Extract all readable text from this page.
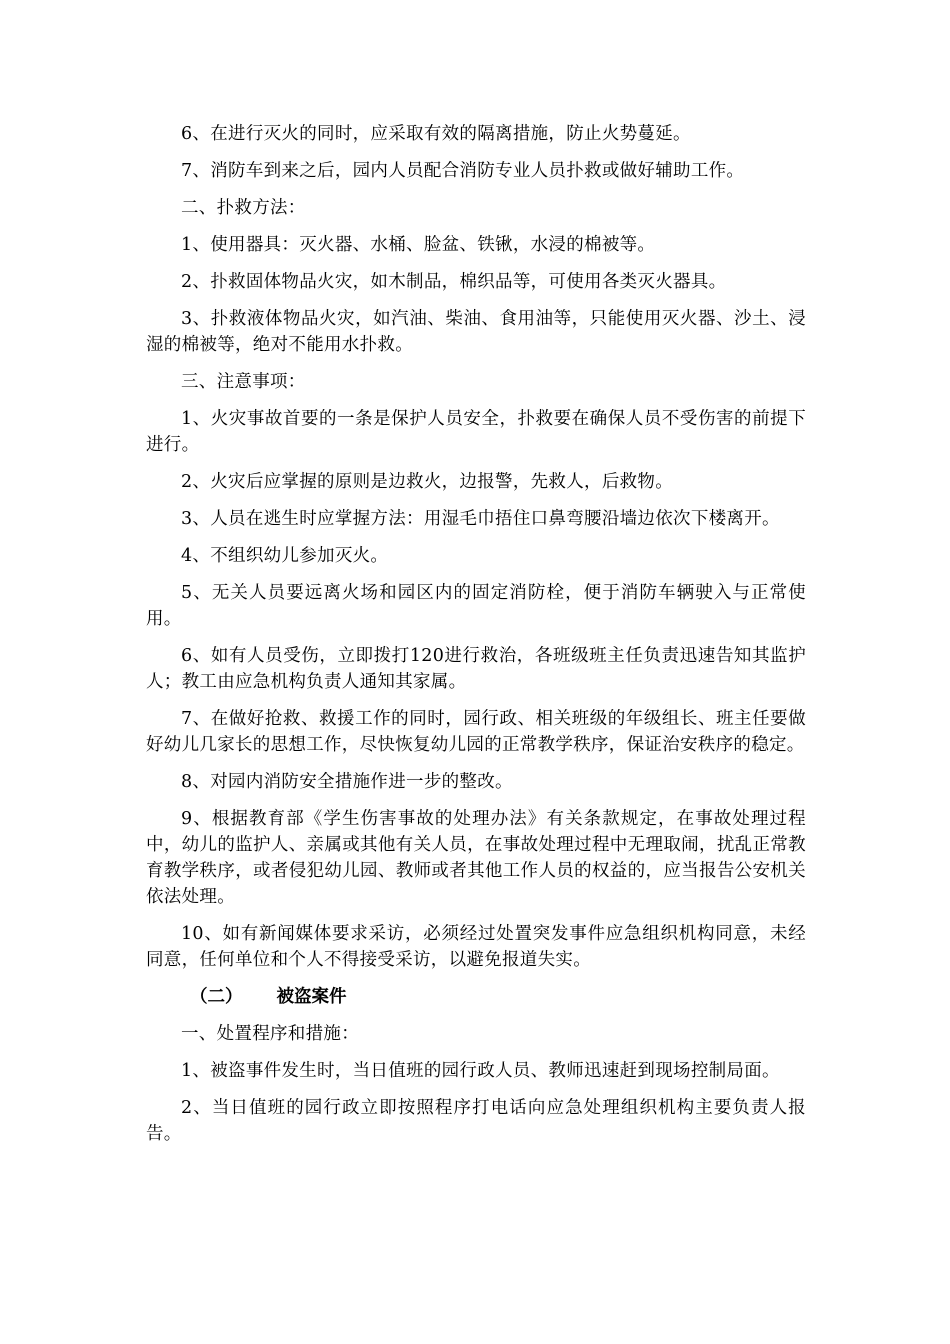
6、在进行灭火的同时，应采取有效的隔离措施，防止火势蔓延。

7、消防车到来之后，园内人员配合消防专业人员扑救或做好辅助工作。

二、扑救方法：

1、使用器具：灭火器、水桶、脸盆、铁锹，水浸的棉被等。

2、扑救固体物品火灾，如木制品，棉织品等，可使用各类灭火器具。

3、扑救液体物品火灾，如汽油、柴油、食用油等，只能使用灭火器、沙土、浸湿的棉被等，绝对不能用水扑救。

三、注意事项：

1、火灾事故首要的一条是保护人员安全，扑救要在确保人员不受伤害的前提下进行。

2、火灾后应掌握的原则是边救火，边报警，先救人，后救物。

3、人员在逃生时应掌握方法：用湿毛巾捂住口鼻弯腰沿墙边依次下楼离开。

4、不组织幼儿参加灭火。

5、无关人员要远离火场和园区内的固定消防栓，便于消防车辆驶入与正常使用。

6、如有人员受伤，立即拨打120进行救治，各班级班主任负责迅速告知其监护人；教工由应急机构负责人通知其家属。

7、在做好抢救、救援工作的同时，园行政、相关班级的年级组长、班主任要做好幼儿几家长的思想工作，尽快恢复幼儿园的正常教学秩序，保证治安秩序的稳定。

8、对园内消防安全措施作进一步的整改。

9、根据教育部《学生伤害事故的处理办法》有关条款规定，在事故处理过程中，幼儿的监护人、亲属或其他有关人员，在事故处理过程中无理取闹，扰乱正常教育教学秩序，或者侵犯幼儿园、教师或者其他工作人员的权益的，应当报告公安机关依法处理。

10、如有新闻媒体要求采访，必须经过处置突发事件应急组织机构同意，未经同意，任何单位和个人不得接受采访，以避免报道失实。

（二） 被盗案件

一、处置程序和措施：

1、被盗事件发生时，当日值班的园行政人员、教师迅速赶到现场控制局面。

2、当日值班的园行政立即按照程序打电话向应急处理组织机构主要负责人报告。
